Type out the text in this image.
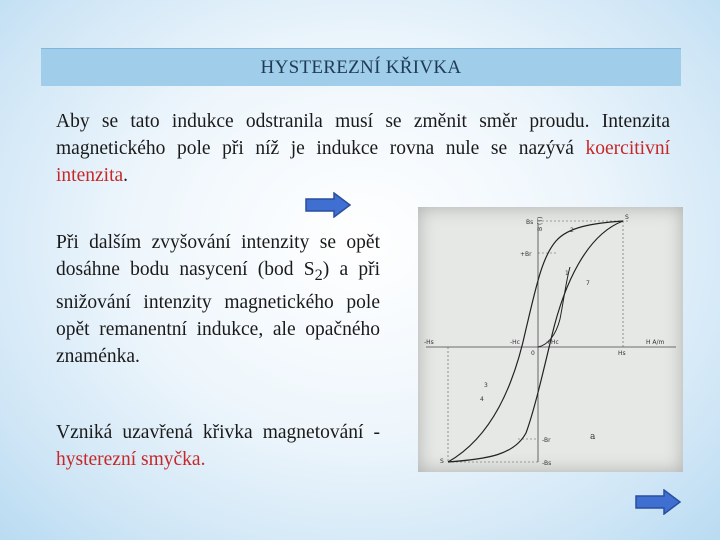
HYSTEREZNÍ KŘIVKA
Aby se tato indukce odstranila musí se změnit směr proudu. Intenzita magnetického pole při níž je indukce rovna nule se nazývá koercitivní intenzita.
Při dalším zvyšování intenzity se opět dosáhne bodu nasycení (bod $S_2$) a při snižování intenzity magnetického pole opět remanentní indukce, ale opačného znaménka.
Vzniká uzavřená křivka magnetování - hysterezní smyčka.
B (T)
H A/m
Bs
+Br
-Hs	-Hc	+Hc
0	Hs
-Br
-Bs
a
S
S
1
2
3
4
7
